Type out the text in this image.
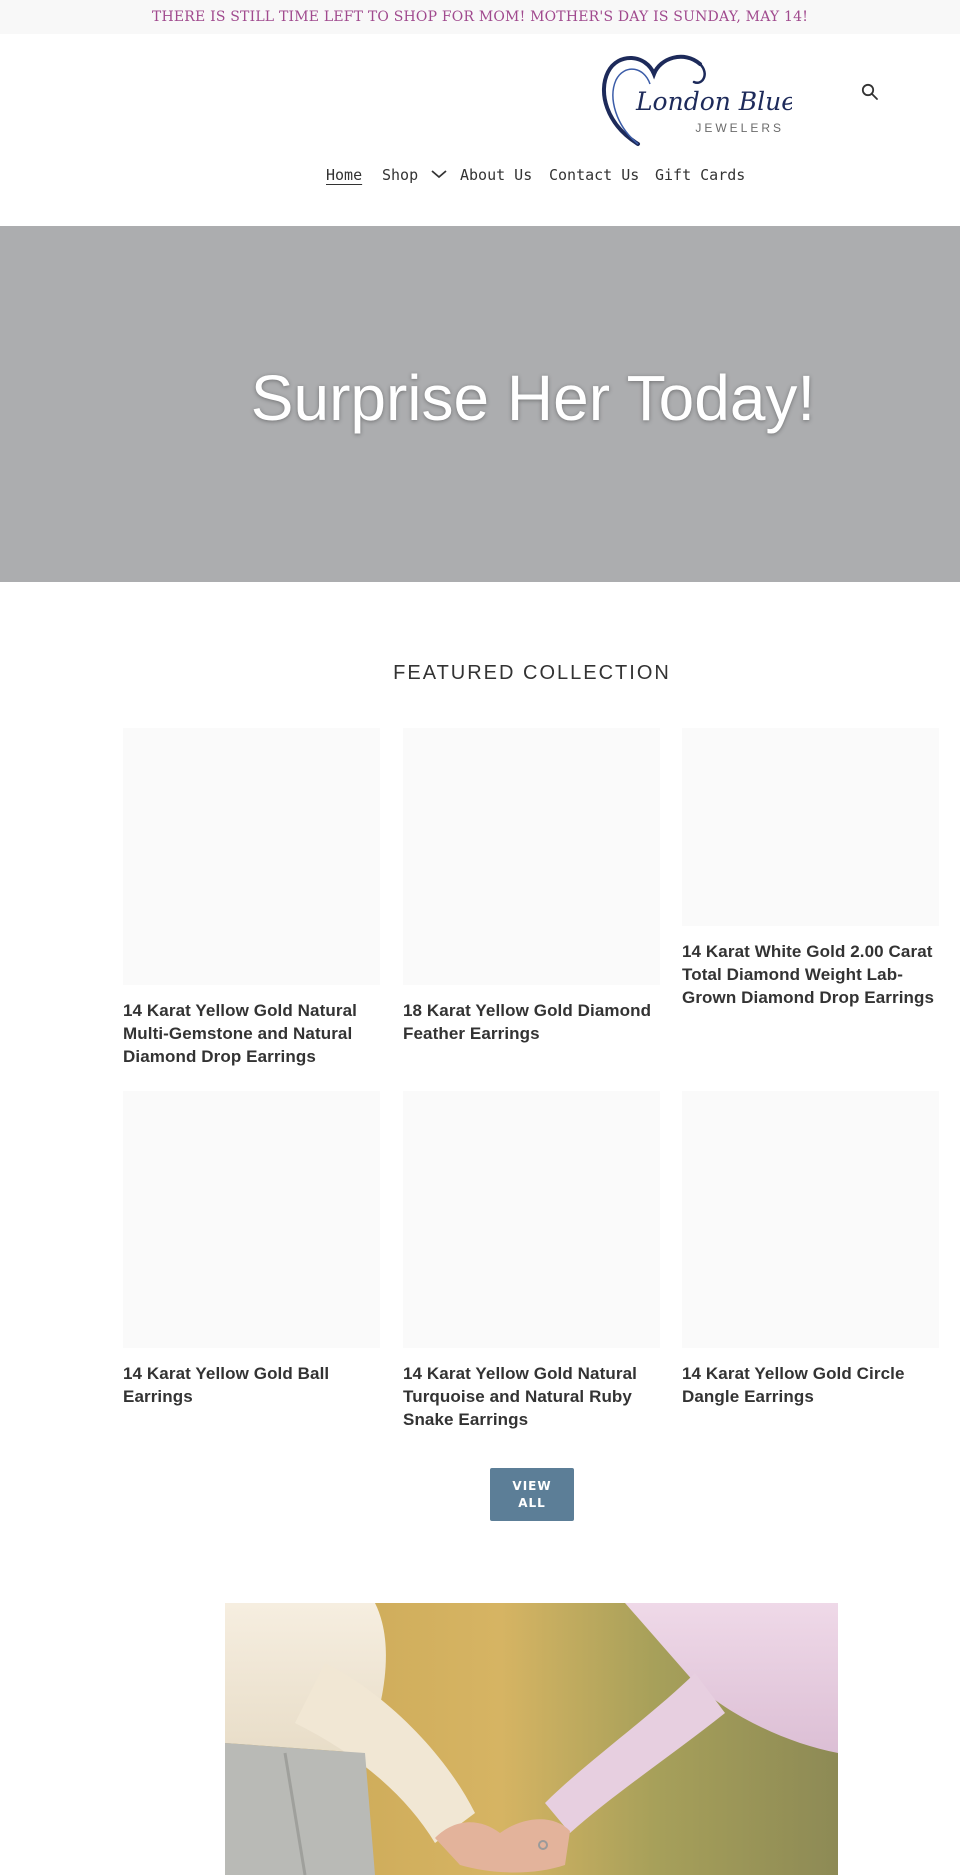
THERE IS STILL TIME LEFT TO SHOP FOR MOM! MOTHER'S DAY IS SUNDAY, MAY 14!
London Blue
JEWELERS
Home Shop	About Us Contact Us Gift Cards
Surprise Her Today!
FEATURED COLLECTION
14 Karat Yellow Gold Natural Multi-Gemstone and Natural Diamond Drop Earrings
18 Karat Yellow Gold Diamond Feather Earrings
14 Karat White Gold 2.00 Carat Total Diamond Weight Lab-Grown Diamond Drop Earrings
14 Karat Yellow Gold Ball Earrings
14 Karat Yellow Gold Natural Turquoise and Natural Ruby Snake Earrings
14 Karat Yellow Gold Circle Dangle Earrings
VIEW ALL
